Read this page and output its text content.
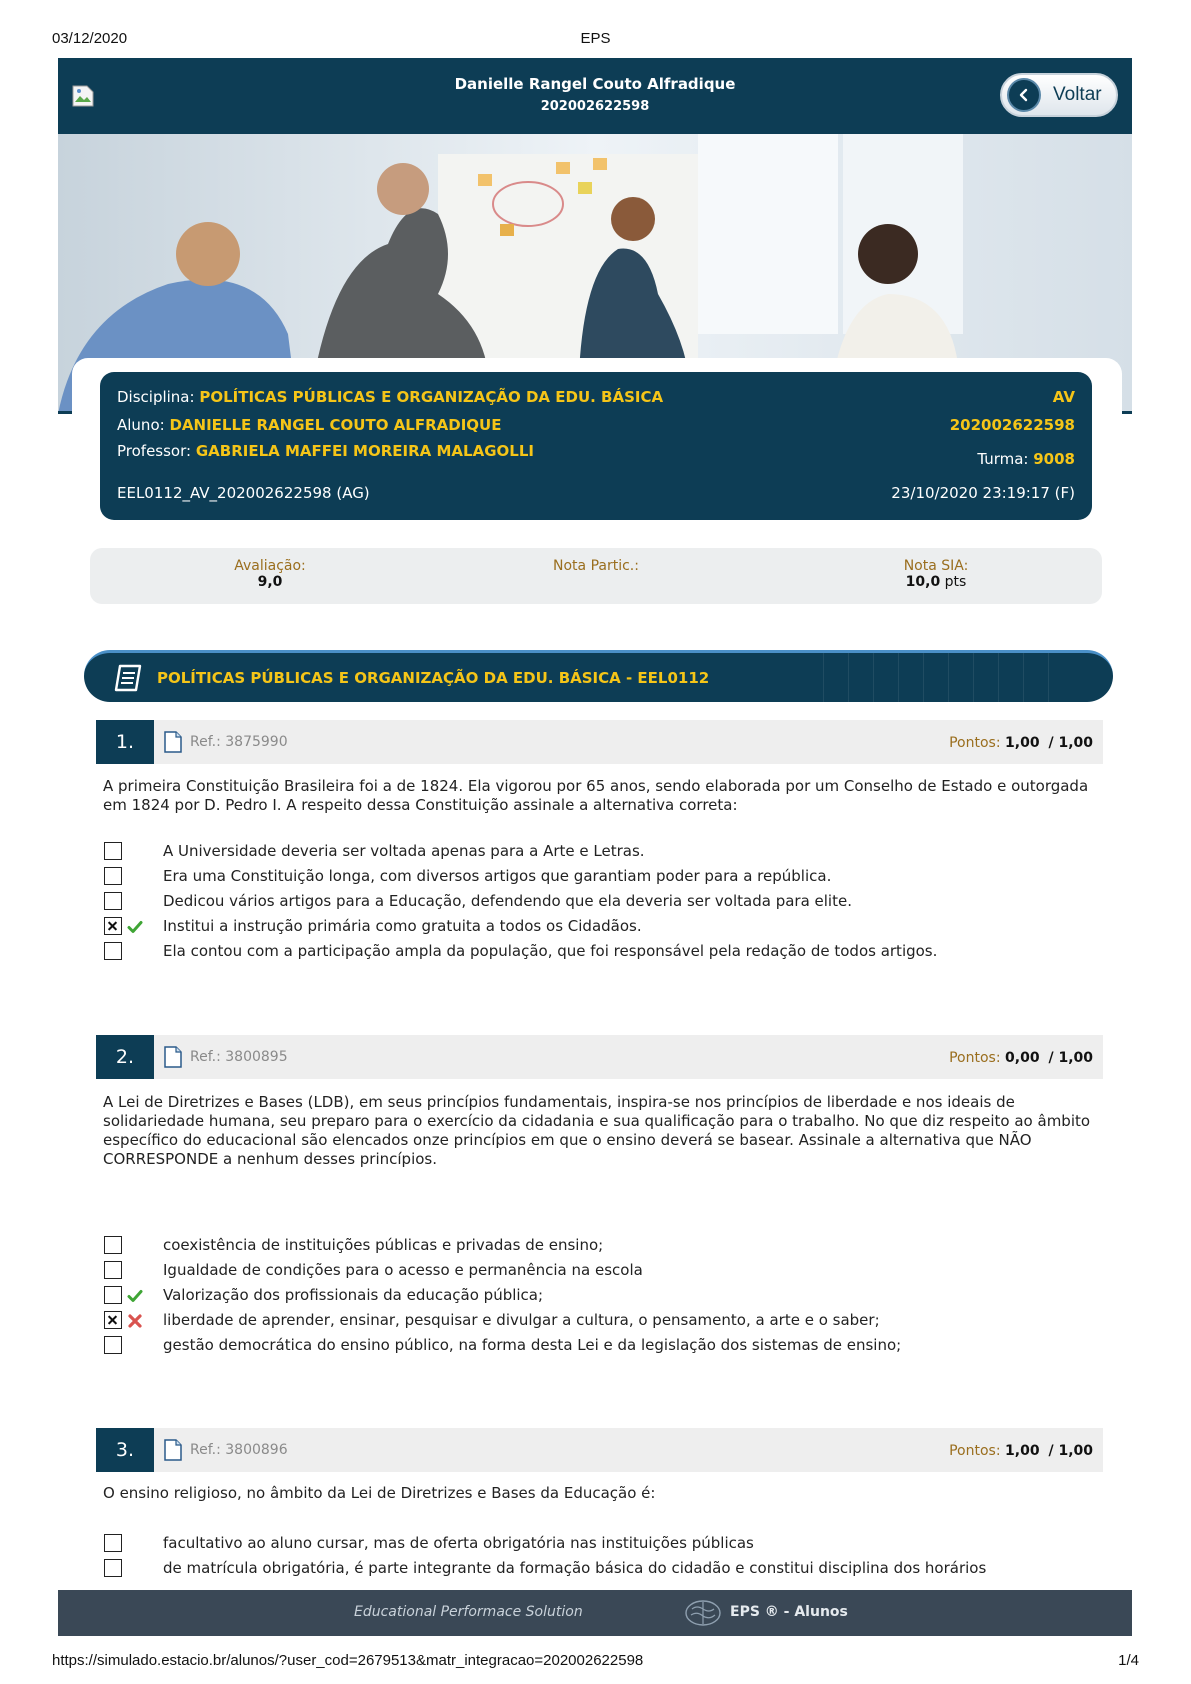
03/12/2020	EPS
Danielle Rangel Couto Alfradique
202002622598
Voltar
Disciplina: POLÍTICAS PÚBLICAS E ORGANIZAÇÃO DA EDU. BÁSICA	AV
Aluno: DANIELLE RANGEL COUTO ALFRADIQUE	202002622598
Professor: GABRIELA MAFFEI MOREIRA MALAGOLLI	Turma: 9008
EEL0112_AV_202002622598 (AG)	23/10/2020 23:19:17 (F)
Avaliação:
9,0
Nota Partic.:	Nota SIA:
10,0 pts
POLÍTICAS PÚBLICAS E ORGANIZAÇÃO DA EDU. BÁSICA - EEL0112
1.	Ref.: 3875990	Pontos: 1,00 / 1,00
A primeira Constituição Brasileira foi a de 1824. Ela vigorou por 65 anos, sendo elaborada por um Conselho de Estado e outorgada em 1824 por D. Pedro I. A respeito dessa Constituição assinale a alternativa correta:
A Universidade deveria ser voltada apenas para a Arte e Letras.
Era uma Constituição longa, com diversos artigos que garantiam poder para a república.
Dedicou vários artigos para a Educação, defendendo que ela deveria ser voltada para elite.
Institui a instrução primária como gratuita a todos os Cidadãos.
Ela contou com a participação ampla da população, que foi responsável pela redação de todos artigos.
2.	Ref.: 3800895	Pontos: 0,00 / 1,00
A Lei de Diretrizes e Bases (LDB), em seus princípios fundamentais, inspira-se nos princípios de liberdade e nos ideais de solidariedade humana, seu preparo para o exercício da cidadania e sua qualificação para o trabalho. No que diz respeito ao âmbito específico do educacional são elencados onze princípios em que o ensino deverá se basear. Assinale a alternativa que NÃO CORRESPONDE a nenhum desses princípios.
coexistência de instituições públicas e privadas de ensino;
Igualdade de condições para o acesso e permanência na escola
Valorização dos profissionais da educação pública;
liberdade de aprender, ensinar, pesquisar e divulgar a cultura, o pensamento, a arte e o saber;
gestão democrática do ensino público, na forma desta Lei e da legislação dos sistemas de ensino;
3.	Ref.: 3800896	Pontos: 1,00 / 1,00
O ensino religioso, no âmbito da Lei de Diretrizes e Bases da Educação é:
facultativo ao aluno cursar, mas de oferta obrigatória nas instituições públicas
de matrícula obrigatória, é parte integrante da formação básica do cidadão e constitui disciplina dos horários
Educational Performace Solution	EPS ® - Alunos
https://simulado.estacio.br/alunos/?user_cod=2679513&matr_integracao=202002622598	1/4
